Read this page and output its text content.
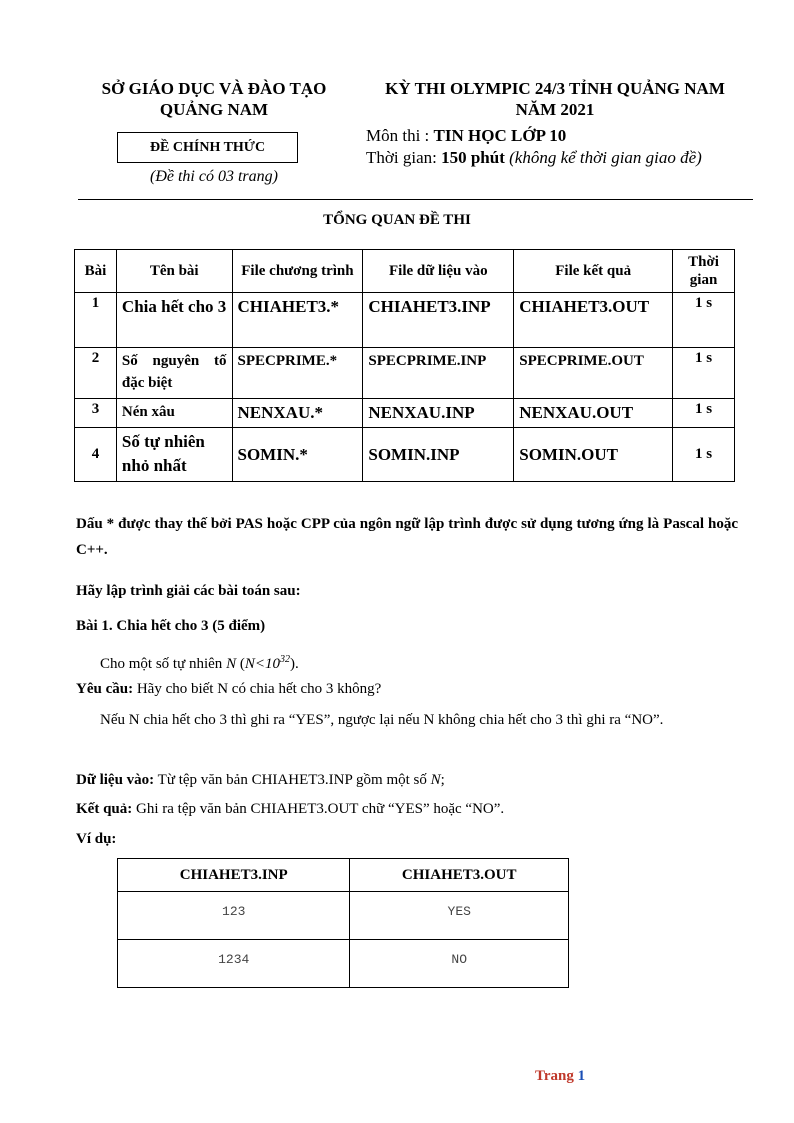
SỞ GIÁO DỤC VÀ ĐÀO TẠO
QUẢNG NAM
ĐỀ CHÍNH THỨC
(Đề thi có 03 trang)
KỲ THI OLYMPIC 24/3 TỈNH QUẢNG NAM
NĂM 2021
Môn thi : TIN HỌC LỚP 10
Thời gian: 150 phút (không kể thời gian giao đề)
TỔNG QUAN ĐỀ THI
Bài	Tên bài	File chương trình	File dữ liệu vào	File kết quả	Thời gian
1	Chia hết cho 3	CHIAHET3.*	CHIAHET3.INP	CHIAHET3.OUT	1 s
2	Số nguyên tố đặc biệt	SPECPRIME.*	SPECPRIME.INP	SPECPRIME.OUT	1 s
3	Nén xâu	NENXAU.*	NENXAU.INP	NENXAU.OUT	1 s
4	Số tự nhiên nhỏ nhất	SOMIN.*	SOMIN.INP	SOMIN.OUT	1 s
Dấu * được thay thế bởi PAS hoặc CPP của ngôn ngữ lập trình được sử dụng tương ứng là Pascal hoặc C++.
Hãy lập trình giải các bài toán sau:
Bài 1. Chia hết cho 3 (5 điểm)
Cho một số tự nhiên N $(N<10^{32})$.
Yêu cầu: Hãy cho biết N có chia hết cho 3 không?
Nếu N chia hết cho 3 thì ghi ra “YES”, ngược lại nếu N không chia hết cho 3 thì ghi ra “NO”.
Dữ liệu vào: Từ tệp văn bản CHIAHET3.INP gồm một số N;
Kết quả: Ghi ra tệp văn bản CHIAHET3.OUT chữ “YES” hoặc “NO”.
Ví dụ:
CHIAHET3.INP	CHIAHET3.OUT
123	YES
1234	NO
Trang 1
